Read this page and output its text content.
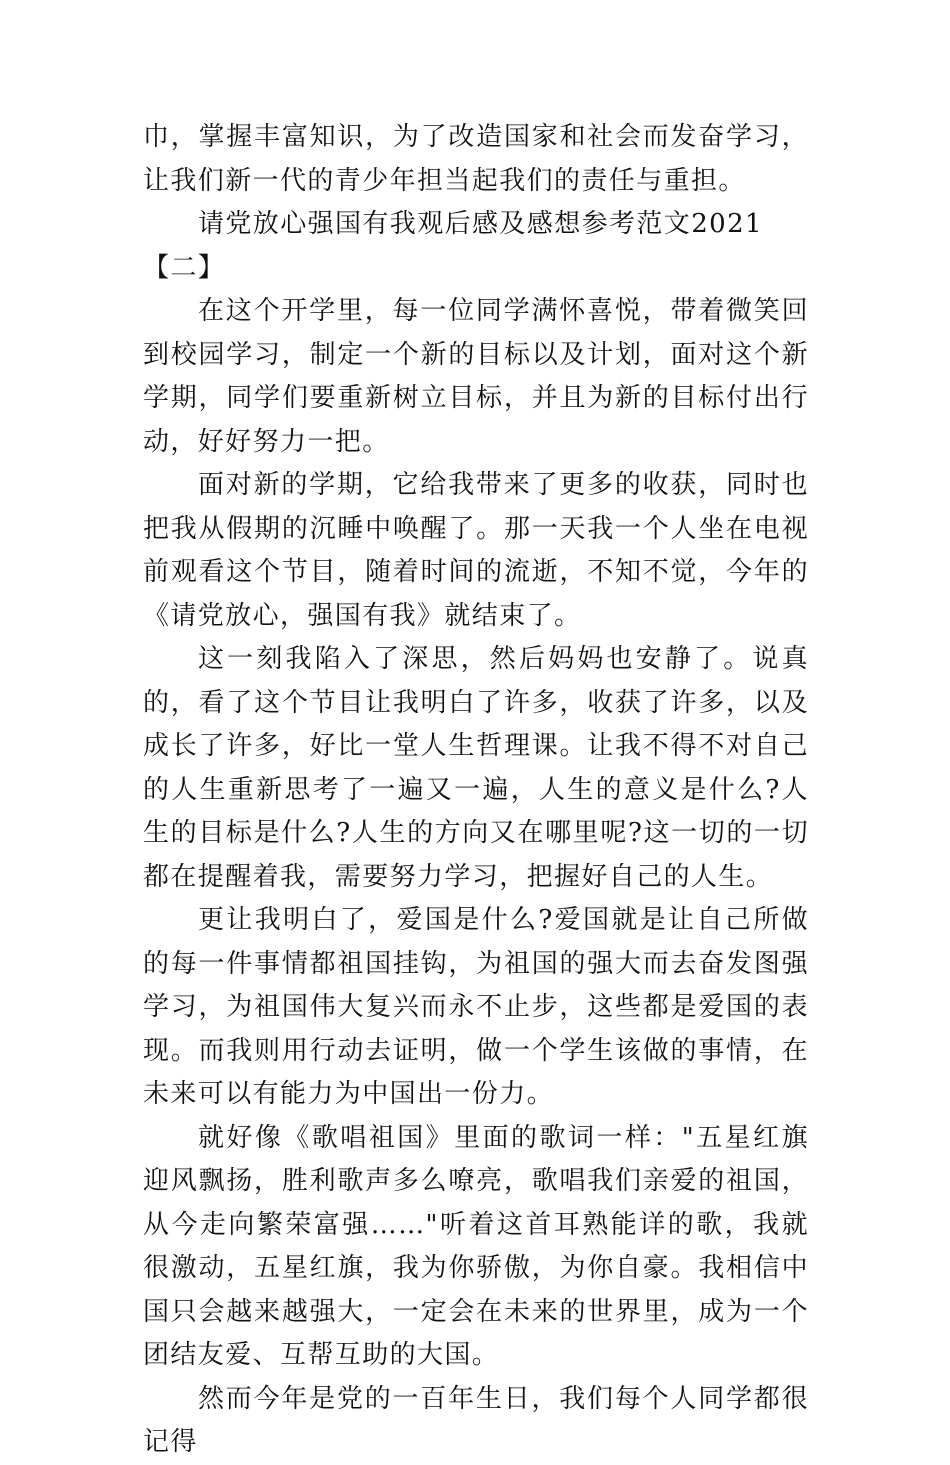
巾，掌握丰富知识，为了改造国家和社会而发奋学习，让我们新一代的青少年担当起我们的责任与重担。

请党放心强国有我观后感及感想参考范文2021【二】

在这个开学里，每一位同学满怀喜悦，带着微笑回到校园学习，制定一个新的目标以及计划，面对这个新学期，同学们要重新树立目标，并且为新的目标付出行动，好好努力一把。

面对新的学期，它给我带来了更多的收获，同时也把我从假期的沉睡中唤醒了。那一天我一个人坐在电视前观看这个节目，随着时间的流逝，不知不觉，今年的《请党放心，强国有我》就结束了。

这一刻我陷入了深思，然后妈妈也安静了。说真的，看了这个节目让我明白了许多，收获了许多，以及成长了许多，好比一堂人生哲理课。让我不得不对自己的人生重新思考了一遍又一遍，人生的意义是什么?人生的目标是什么?人生的方向又在哪里呢?这一切的一切都在提醒着我，需要努力学习，把握好自己的人生。

更让我明白了，爱国是什么?爱国就是让自己所做的每一件事情都祖国挂钩，为祖国的强大而去奋发图强学习，为祖国伟大复兴而永不止步，这些都是爱国的表现。而我则用行动去证明，做一个学生该做的事情，在未来可以有能力为中国出一份力。

就好像《歌唱祖国》里面的歌词一样："五星红旗迎风飘扬，胜利歌声多么嘹亮，歌唱我们亲爱的祖国，从今走向繁荣富强……"听着这首耳熟能详的歌，我就很激动，五星红旗，我为你骄傲，为你自豪。我相信中国只会越来越强大，一定会在未来的世界里，成为一个团结友爱、互帮互助的大国。

然而今年是党的一百年生日，我们每个人同学都很记得
